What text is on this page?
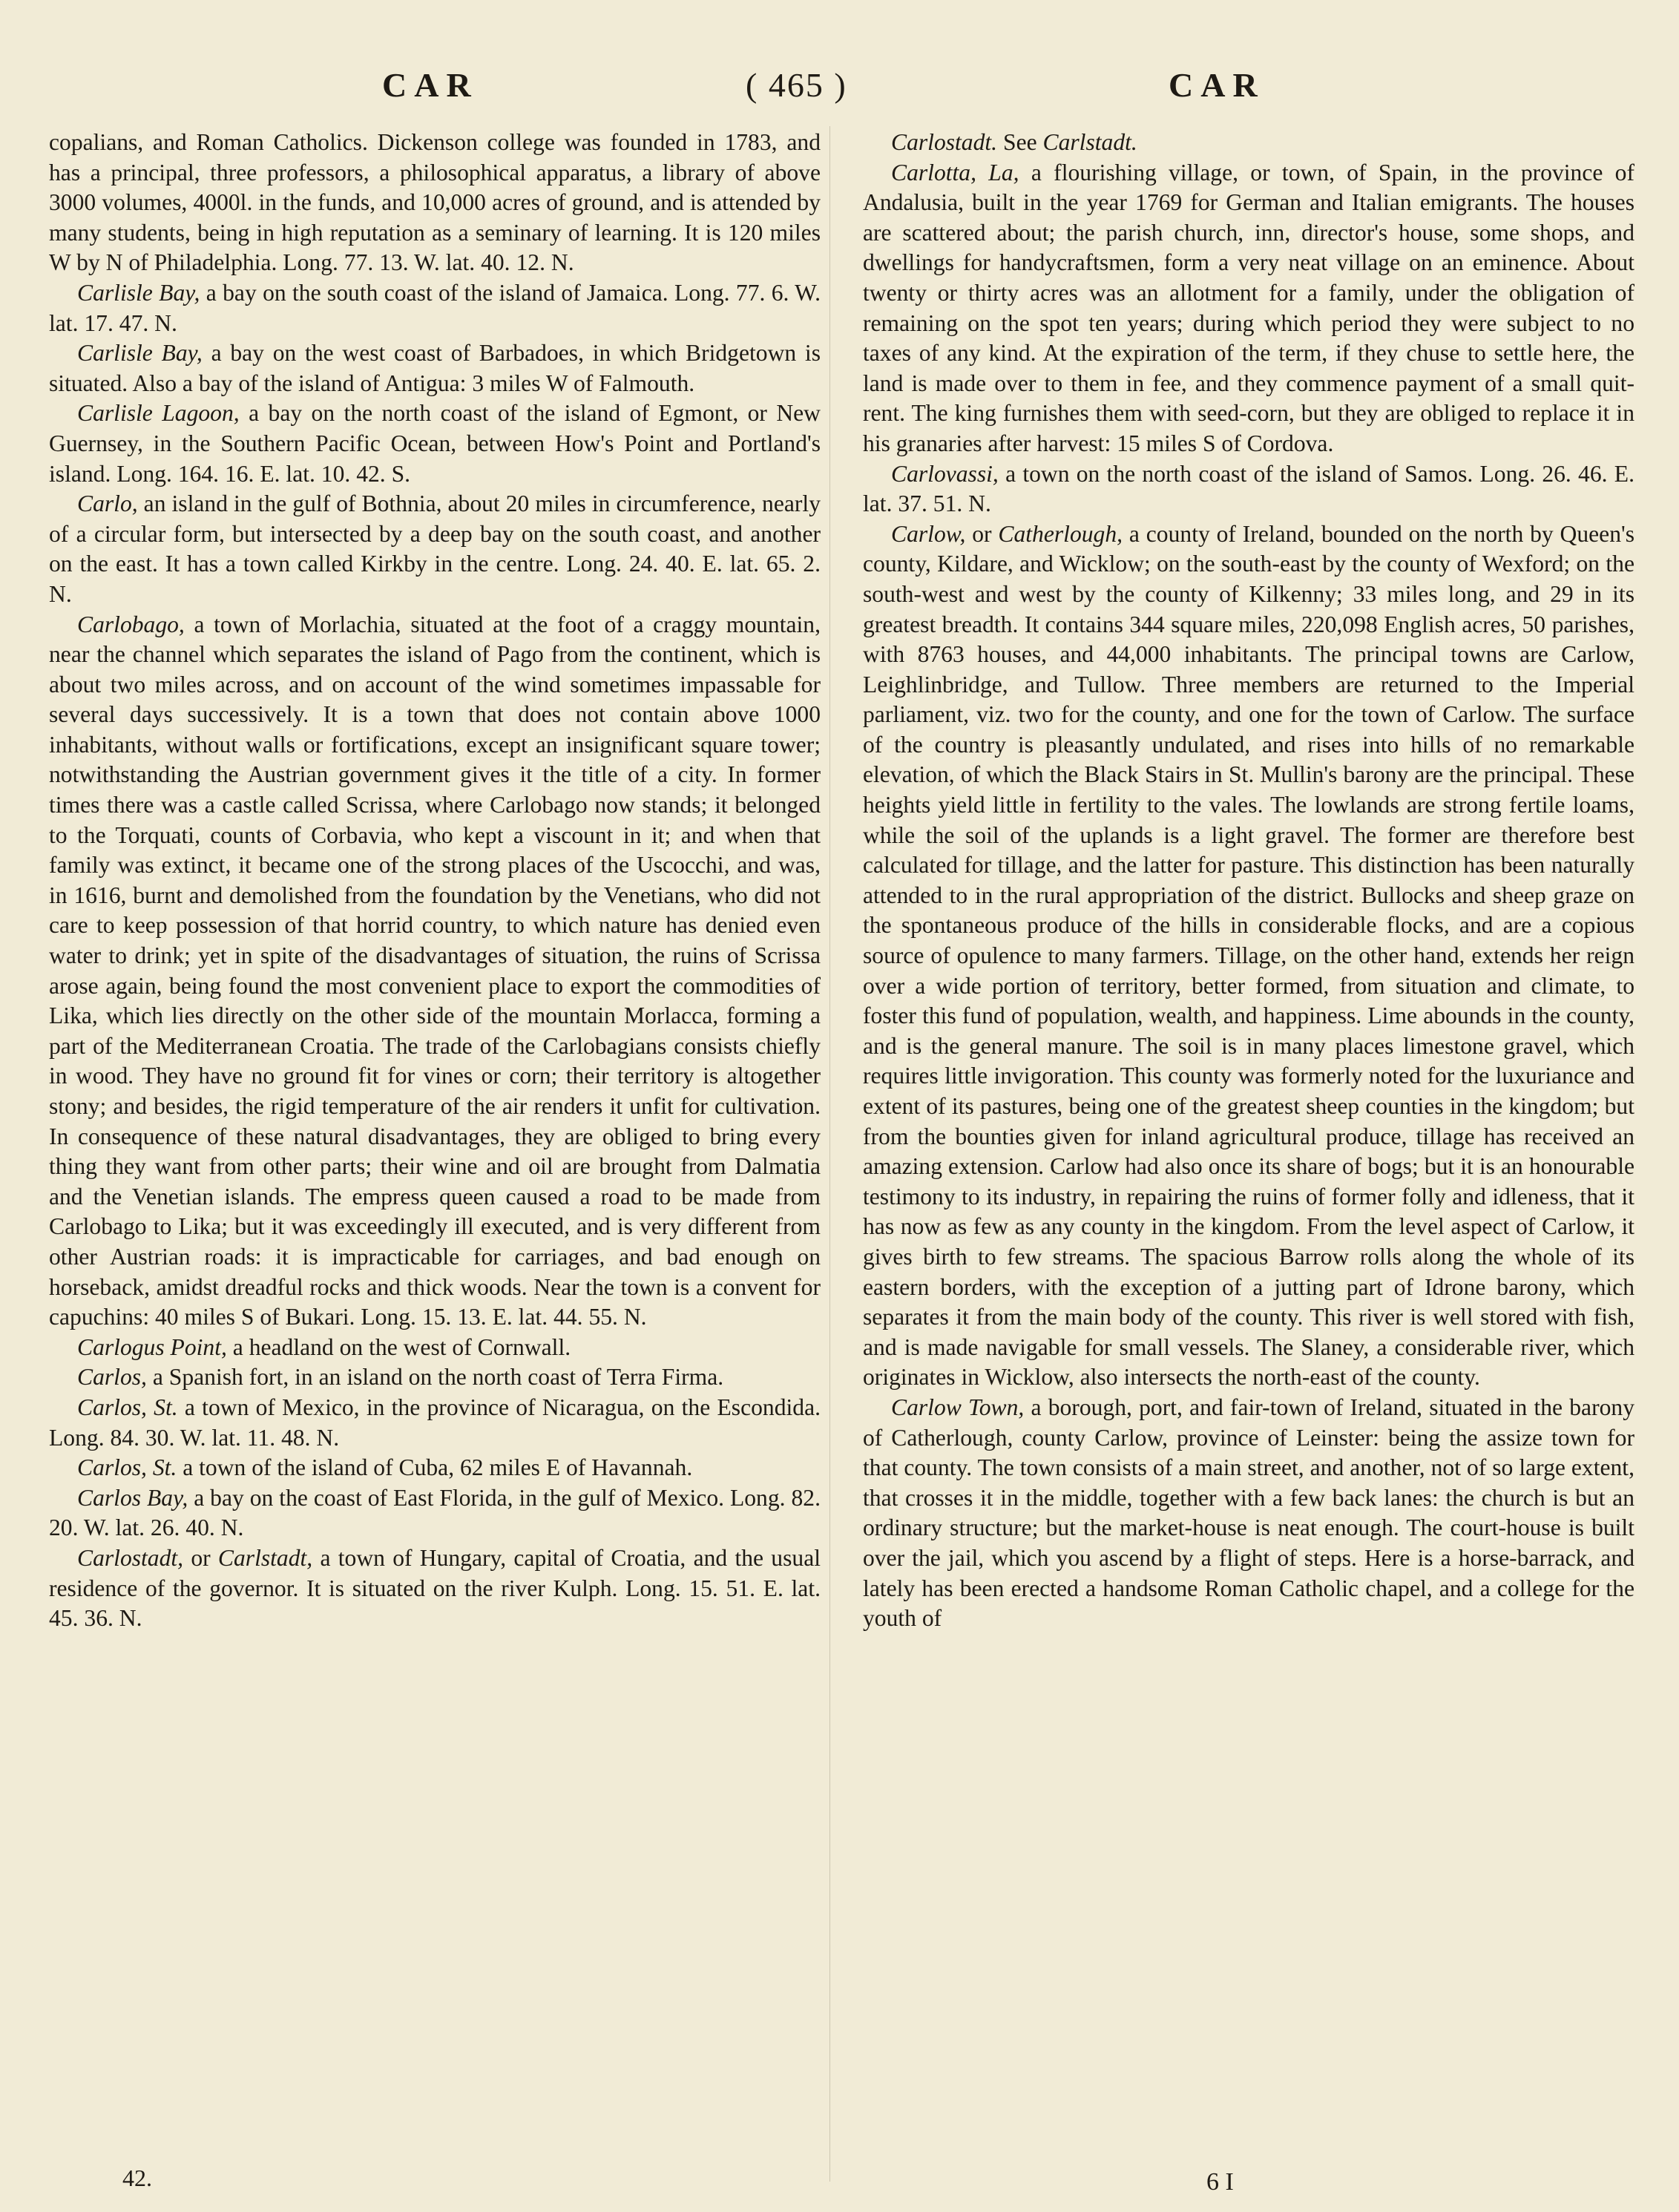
CAR	( 465 )	CAR

copalians, and Roman Catholics. Dickenson college was founded in 1783, and has a principal, three professors, a philosophical apparatus, a library of above 3000 volumes, 4000l. in the funds, and 10,000 acres of ground, and is attended by many students, being in high reputation as a seminary of learning. It is 120 miles W by N of Philadelphia. Long. 77. 13. W. lat. 40. 12. N.

Carlisle Bay, a bay on the south coast of the island of Jamaica. Long. 77. 6. W. lat. 17. 47. N.

Carlisle Bay, a bay on the west coast of Barbadoes, in which Bridgetown is situated. Also a bay of the island of Antigua: 3 miles W of Falmouth.

Carlisle Lagoon, a bay on the north coast of the island of Egmont, or New Guernsey, in the Southern Pacific Ocean, between How's Point and Portland's island. Long. 164. 16. E. lat. 10. 42. S.

Carlo, an island in the gulf of Bothnia, about 20 miles in circumference, nearly of a circular form, but intersected by a deep bay on the south coast, and another on the east. It has a town called Kirkby in the centre. Long. 24. 40. E. lat. 65. 2. N.

Carlobago, a town of Morlachia, situated at the foot of a craggy mountain, near the channel which separates the island of Pago from the continent, which is about two miles across, and on account of the wind sometimes impassable for several days successively. It is a town that does not contain above 1000 inhabitants, without walls or fortifications, except an insignificant square tower; notwithstanding the Austrian government gives it the title of a city. In former times there was a castle called Scrissa, where Carlobago now stands; it belonged to the Torquati, counts of Corbavia, who kept a viscount in it; and when that family was extinct, it became one of the strong places of the Uscocchi, and was, in 1616, burnt and demolished from the foundation by the Venetians, who did not care to keep possession of that horrid country, to which nature has denied even water to drink; yet in spite of the disadvantages of situation, the ruins of Scrissa arose again, being found the most convenient place to export the commodities of Lika, which lies directly on the other side of the mountain Morlacca, forming a part of the Mediterranean Croatia. The trade of the Carlobagians consists chiefly in wood. They have no ground fit for vines or corn; their territory is altogether stony; and besides, the rigid temperature of the air renders it unfit for cultivation. In consequence of these natural disadvantages, they are obliged to bring every thing they want from other parts; their wine and oil are brought from Dalmatia and the Venetian islands. The empress queen caused a road to be made from Carlobago to Lika; but it was exceedingly ill executed, and is very different from other Austrian roads: it is impracticable for carriages, and bad enough on horseback, amidst dreadful rocks and thick woods. Near the town is a convent for capuchins: 40 miles S of Bukari. Long. 15. 13. E. lat. 44. 55. N.

Carlogus Point, a headland on the west of Cornwall.

Carlos, a Spanish fort, in an island on the north coast of Terra Firma.

Carlos, St. a town of Mexico, in the province of Nicaragua, on the Escondida. Long. 84. 30. W. lat. 11. 48. N.

Carlos, St. a town of the island of Cuba, 62 miles E of Havannah.

Carlos Bay, a bay on the coast of East Florida, in the gulf of Mexico. Long. 82. 20. W. lat. 26. 40. N.

Carlostadt, or Carlstadt, a town of Hungary, capital of Croatia, and the usual residence of the governor. It is situated on the river Kulph. Long. 15. 51. E. lat. 45. 36. N.

Carlostadt. See Carlstadt.

Carlotta, La, a flourishing village, or town, of Spain, in the province of Andalusia, built in the year 1769 for German and Italian emigrants. The houses are scattered about; the parish church, inn, director's house, some shops, and dwellings for handycraftsmen, form a very neat village on an eminence. About twenty or thirty acres was an allotment for a family, under the obligation of remaining on the spot ten years; during which period they were subject to no taxes of any kind. At the expiration of the term, if they chuse to settle here, the land is made over to them in fee, and they commence payment of a small quit-rent. The king furnishes them with seed-corn, but they are obliged to replace it in his granaries after harvest: 15 miles S of Cordova.

Carlovassi, a town on the north coast of the island of Samos. Long. 26. 46. E. lat. 37. 51. N.

Carlow, or Catherlough, a county of Ireland, bounded on the north by Queen's county, Kildare, and Wicklow; on the south-east by the county of Wexford; on the south-west and west by the county of Kilkenny; 33 miles long, and 29 in its greatest breadth. It contains 344 square miles, 220,098 English acres, 50 parishes, with 8763 houses, and 44,000 inhabitants. The principal towns are Carlow, Leighlinbridge, and Tullow. Three members are returned to the Imperial parliament, viz. two for the county, and one for the town of Carlow. The surface of the country is pleasantly undulated, and rises into hills of no remarkable elevation, of which the Black Stairs in St. Mullin's barony are the principal. These heights yield little in fertility to the vales. The lowlands are strong fertile loams, while the soil of the uplands is a light gravel. The former are therefore best calculated for tillage, and the latter for pasture. This distinction has been naturally attended to in the rural appropriation of the district. Bullocks and sheep graze on the spontaneous produce of the hills in considerable flocks, and are a copious source of opulence to many farmers. Tillage, on the other hand, extends her reign over a wide portion of territory, better formed, from situation and climate, to foster this fund of population, wealth, and happiness. Lime abounds in the county, and is the general manure. The soil is in many places limestone gravel, which requires little invigoration. This county was formerly noted for the luxuriance and extent of its pastures, being one of the greatest sheep counties in the kingdom; but from the bounties given for inland agricultural produce, tillage has received an amazing extension. Carlow had also once its share of bogs; but it is an honourable testimony to its industry, in repairing the ruins of former folly and idleness, that it has now as few as any county in the kingdom. From the level aspect of Carlow, it gives birth to few streams. The spacious Barrow rolls along the whole of its eastern borders, with the exception of a jutting part of Idrone barony, which separates it from the main body of the county. This river is well stored with fish, and is made navigable for small vessels. The Slaney, a considerable river, which originates in Wicklow, also intersects the north-east of the county.

Carlow Town, a borough, port, and fair-town of Ireland, situated in the barony of Catherlough, county Carlow, province of Leinster: being the assize town for that county. The town consists of a main street, and another, not of so large extent, that crosses it in the middle, together with a few back lanes: the church is but an ordinary structure; but the market-house is neat enough. The court-house is built over the jail, which you ascend by a flight of steps. Here is a horse-barrack, and lately has been erected a handsome Roman Catholic chapel, and a college for the youth of

42.	6 I
